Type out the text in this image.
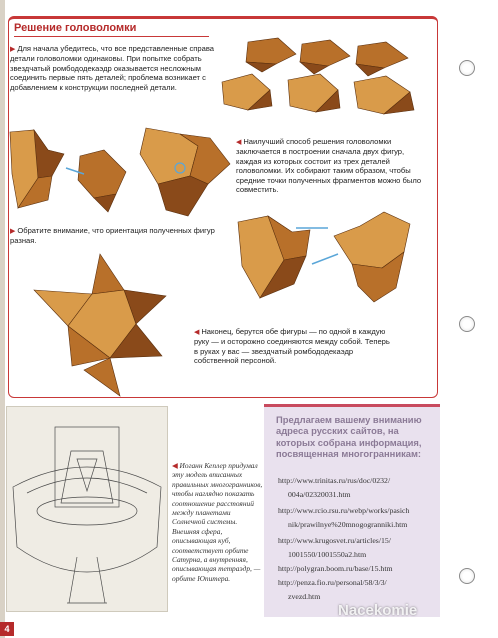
Решение головоломки
▶ Для начала убедитесь, что все представленные справа детали головоломки одинаковы. При попытке собрать звездчатый ромбододекаэдр оказывается несложным соединить первые пять деталей; проблема возникает с добавлением к конструкции последней детали.
◀ Наилучший способ решения головоломки заключается в построении сначала двух фигур, каждая из которых состоит из трех деталей головоломки. Их собирают таким образом, чтобы средние точки полученных фрагментов можно было совместить.
▶ Обратите внимание, что ориентация полученных фигур разная.
◀ Наконец, берутся обе фигуры — по одной в каждую руку — и осторожно соединяются между собой. Теперь в руках у вас — звездчатый ромбододекаэдр собственной персоной.
◀ Иоганн Кеплер придумал эту модель вписанных правильных многогранников, чтобы наглядно показать соотношение расстояний между планетами Солнечной системы. Внешняя сфера, описывающая куб, соответствует орбите Сатурна, а внутренняя, описывающая тетраэдр, — орбите Юпитера.
Предлагаем вашему вниманию адреса русских сайтов, на которых собрана информация, посвященная многогранникам:
http://www.trinitas.ru/rus/doc/0232/
004a/02320031.htm
http://www.rcio.rsu.ru/webp/works/pasich
nik/prawilnye%20mnogogranniki.htm
http://www.krugosvet.ru/articles/15/
1001550/1001550a2.htm
http://polygran.boom.ru/base/15.htm
http://penza.fio.ru/personal/58/3/3/
zvezd.htm
4
Nacekomie
